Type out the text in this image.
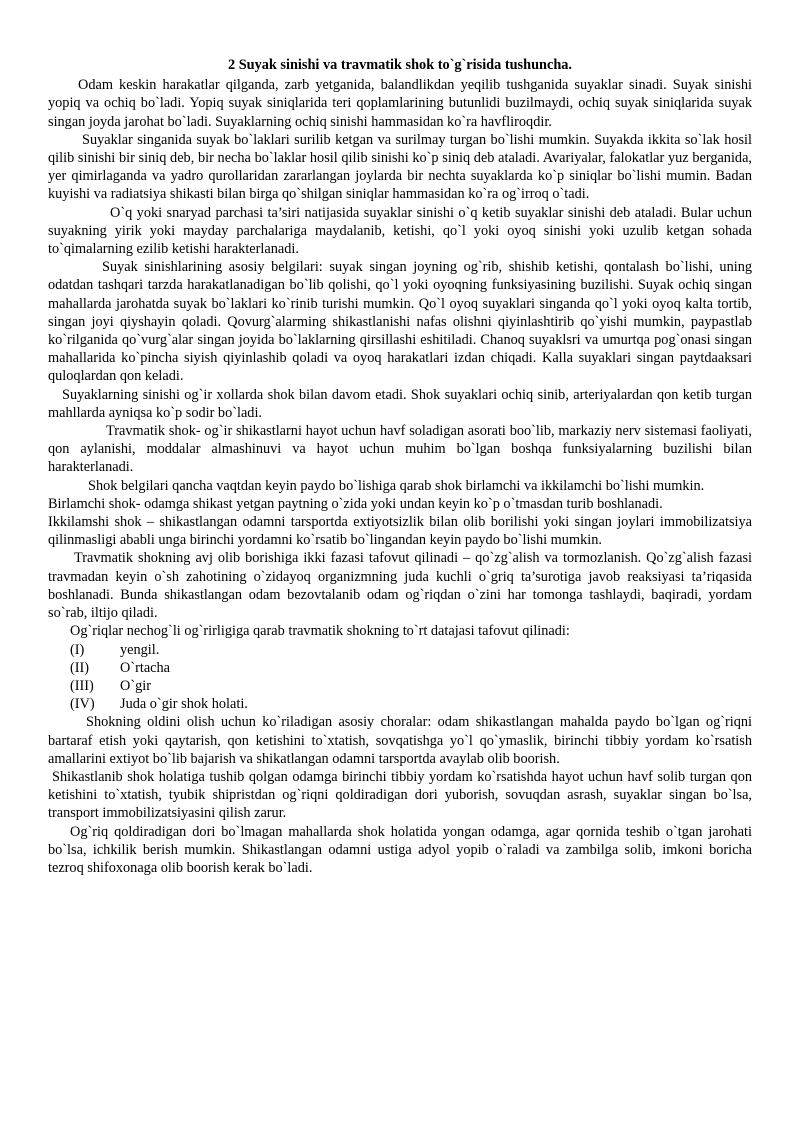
2 Suyak sinishi va travmatik shok to`g`risida tushuncha.

Odam keskin harakatlar qilganda, zarb yetganida, balandlikdan yeqilib tushganida suyaklar sinadi. Suyak sinishi yopiq va ochiq bo`ladi. Yopiq suyak siniqlarida teri qoplamlarining butunlidi buzilmaydi, ochiq suyak siniqlarida suyak singan joyda jarohat bo`ladi. Suyaklarning ochiq sinishi hammasidan ko`ra havfliroqdir.

Suyaklar singanida suyak bo`laklari surilib ketgan va surilmay turgan bo`lishi mumkin. Suyakda ikkita so`lak hosil qilib sinishi bir siniq deb, bir necha bo`laklar hosil qilib sinishi ko`p siniq deb ataladi. Avariyalar, falokatlar yuz berganida, yer qimirlaganda va yadro qurollaridan zararlangan joylarda bir nechta suyaklarda ko`p siniqlar bo`lishi mumin. Badan kuyishi va radiatsiya shikasti bilan birga qo`shilgan siniqlar hammasidan ko`ra og`irroq o`tadi.

O`q yoki snaryad parchasi ta’siri natijasida suyaklar sinishi o`q ketib suyaklar sinishi deb ataladi. Bular uchun suyakning yirik yoki mayday parchalariga maydalanib, ketishi, qo`l yoki oyoq sinishi yoki uzulib ketgan sohada to`qimalarning ezilib ketishi harakterlanadi.

Suyak sinishlarining asosiy belgilari: suyak singan joyning og`rib, shishib ketishi, qontalash bo`lishi, uning odatdan tashqari tarzda harakatlanadigan bo`lib qolishi, qo`l yoki oyoqning funksiyasining buzilishi. Suyak ochiq singan mahallarda jarohatda suyak bo`laklari ko`rinib turishi mumkin. Qo`l oyoq suyaklari singanda qo`l yoki oyoq kalta tortib, singan joyi qiyshayin qoladi. Qovurg`alarming shikastlanishi nafas olishni qiyinlashtirib qo`yishi mumkin, paypastlab ko`rilganida qo`vurg`alar singan joyida bo`laklarning qirsillashi eshitiladi. Chanoq suyaklsri va umurtqa pog`onasi singan mahallarida ko`pincha siyish qiyinlashib qoladi va oyoq harakatlari izdan chiqadi. Kalla suyaklari singan paytdaaksari quloqlardan qon keladi.

Suyaklarning sinishi og`ir xollarda shok bilan davom etadi. Shok suyaklari ochiq sinib, arteriyalardan qon ketib turgan mahllarda ayniqsa ko`p sodir bo`ladi.

Travmatik shok- og`ir shikastlarni hayot uchun havf soladigan asorati boo`lib, markaziy nerv sistemasi faoliyati, qon aylanishi, moddalar almashinuvi va hayot uchun muhim bo`lgan boshqa funksiyalarning buzilishi bilan harakterlanadi.

Shok belgilari qancha vaqtdan keyin paydo bo`lishiga qarab shok birlamchi va ikkilamchi bo`lishi mumkin.

Birlamchi shok- odamga shikast yetgan paytning o`zida yoki undan keyin ko`p o`tmasdan turib boshlanadi.

Ikkilamshi shok – shikastlangan odamni tarsportda extiyotsizlik bilan olib borilishi yoki singan joylari immobilizatsiya qilinmasligi ababli unga birinchi yordamni ko`rsatib bo`lingandan keyin paydo bo`lishi mumkin.

Travmatik shokning avj olib borishiga ikki fazasi tafovut qilinadi – qo`zg`alish va tormozlanish. Qo`zg`alish fazasi travmadan keyin o`sh zahotining o`zidayoq organizmning juda kuchli o`griq ta’surotiga javob reaksiyasi ta’riqasida boshlanadi. Bunda shikastlangan odam bezovtalanib odam og`riqdan o`zini har tomonga tashlaydi, baqiradi, yordam so`rab, iltijo qiladi.

Og`riqlar nechog`li og`rirligiga qarab travmatik shokning to`rt datajasi tafovut qilinadi:

(I)	yengil.
(II)	O`rtacha
(III)	O`gir
(IV)	Juda o`gir shok holati.

Shokning oldini olish uchun ko`riladigan asosiy choralar: odam shikastlangan mahalda paydo bo`lgan og`riqni bartaraf etish yoki qaytarish, qon ketishini to`xtatish, sovqatishga yo`l qo`ymaslik, birinchi tibbiy yordam ko`rsatish amallarini extiyot bo`lib bajarish va shikatlangan odamni tarsportda avaylab olib boorish.

Shikastlanib shok holatiga tushib qolgan odamga birinchi tibbiy yordam ko`rsatishda hayot uchun havf solib turgan qon ketishini to`xtatish, tyubik shipristdan og`riqni qoldiradigan dori yuborish, sovuqdan asrash, suyaklar singan bo`lsa, transport immobilizatsiyasini qilish zarur.

Og`riq qoldiradigan dori bo`lmagan mahallarda shok holatida yongan odamga, agar qornida teshib o`tgan jarohati bo`lsa, ichkilik berish mumkin. Shikastlangan odamni ustiga adyol yopib o`raladi va zambilga solib, imkoni boricha tezroq shifoxonaga olib boorish kerak bo`ladi.
